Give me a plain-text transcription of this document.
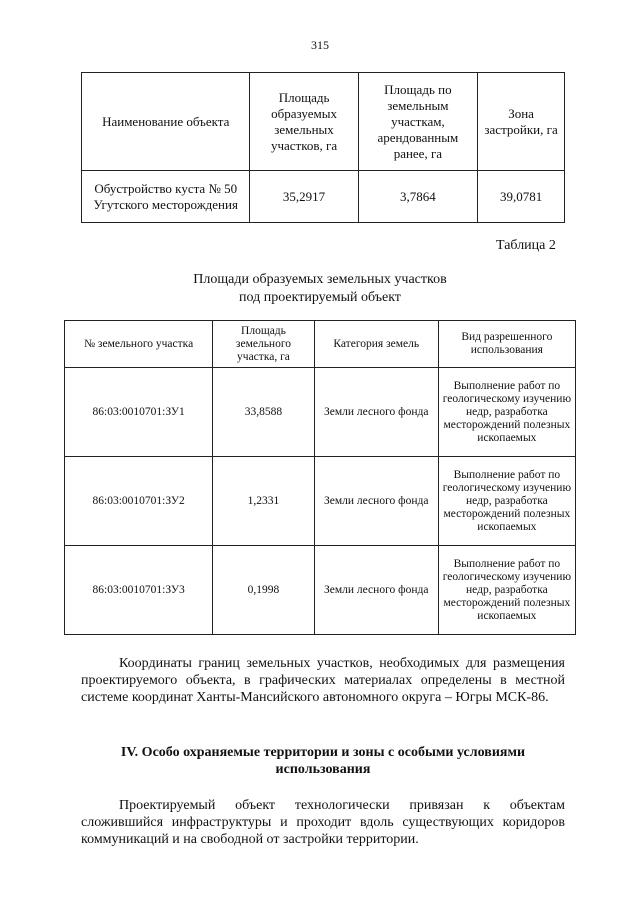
315
Наименование объекта	Площадь образуемых земельных участков, га	Площадь по земельным участкам, арендованным ранее, га	Зона застройки, га
Обустройство куста № 50 Угутского месторождения	35,2917	3,7864	39,0781
Таблица 2
Площади образуемых земельных участков
под проектируемый объект
№ земельного участка	Площадь земельного участка, га	Категория земель	Вид разрешенного использования
86:03:0010701:ЗУ1	33,8588	Земли лесного фонда	Выполнение работ по геологическому изучению недр, разработка месторождений полезных ископаемых
86:03:0010701:ЗУ2	1,2331	Земли лесного фонда	Выполнение работ по геологическому изучению недр, разработка месторождений полезных ископаемых
86:03:0010701:ЗУ3	0,1998	Земли лесного фонда	Выполнение работ по геологическому изучению недр, разработка месторождений полезных ископаемых
Координаты границ земельных участков, необходимых для размещения проектируемого объекта, в графических материалах определены в местной системе координат Ханты-Мансийского автономного округа – Югры МСК-86.
IV. Особо охраняемые территории и зоны с особыми условиями использования
Проектируемый объект технологически привязан к объектам сложившийся инфраструктуры и проходит вдоль существующих коридоров коммуникаций и на свободной от застройки территории.
